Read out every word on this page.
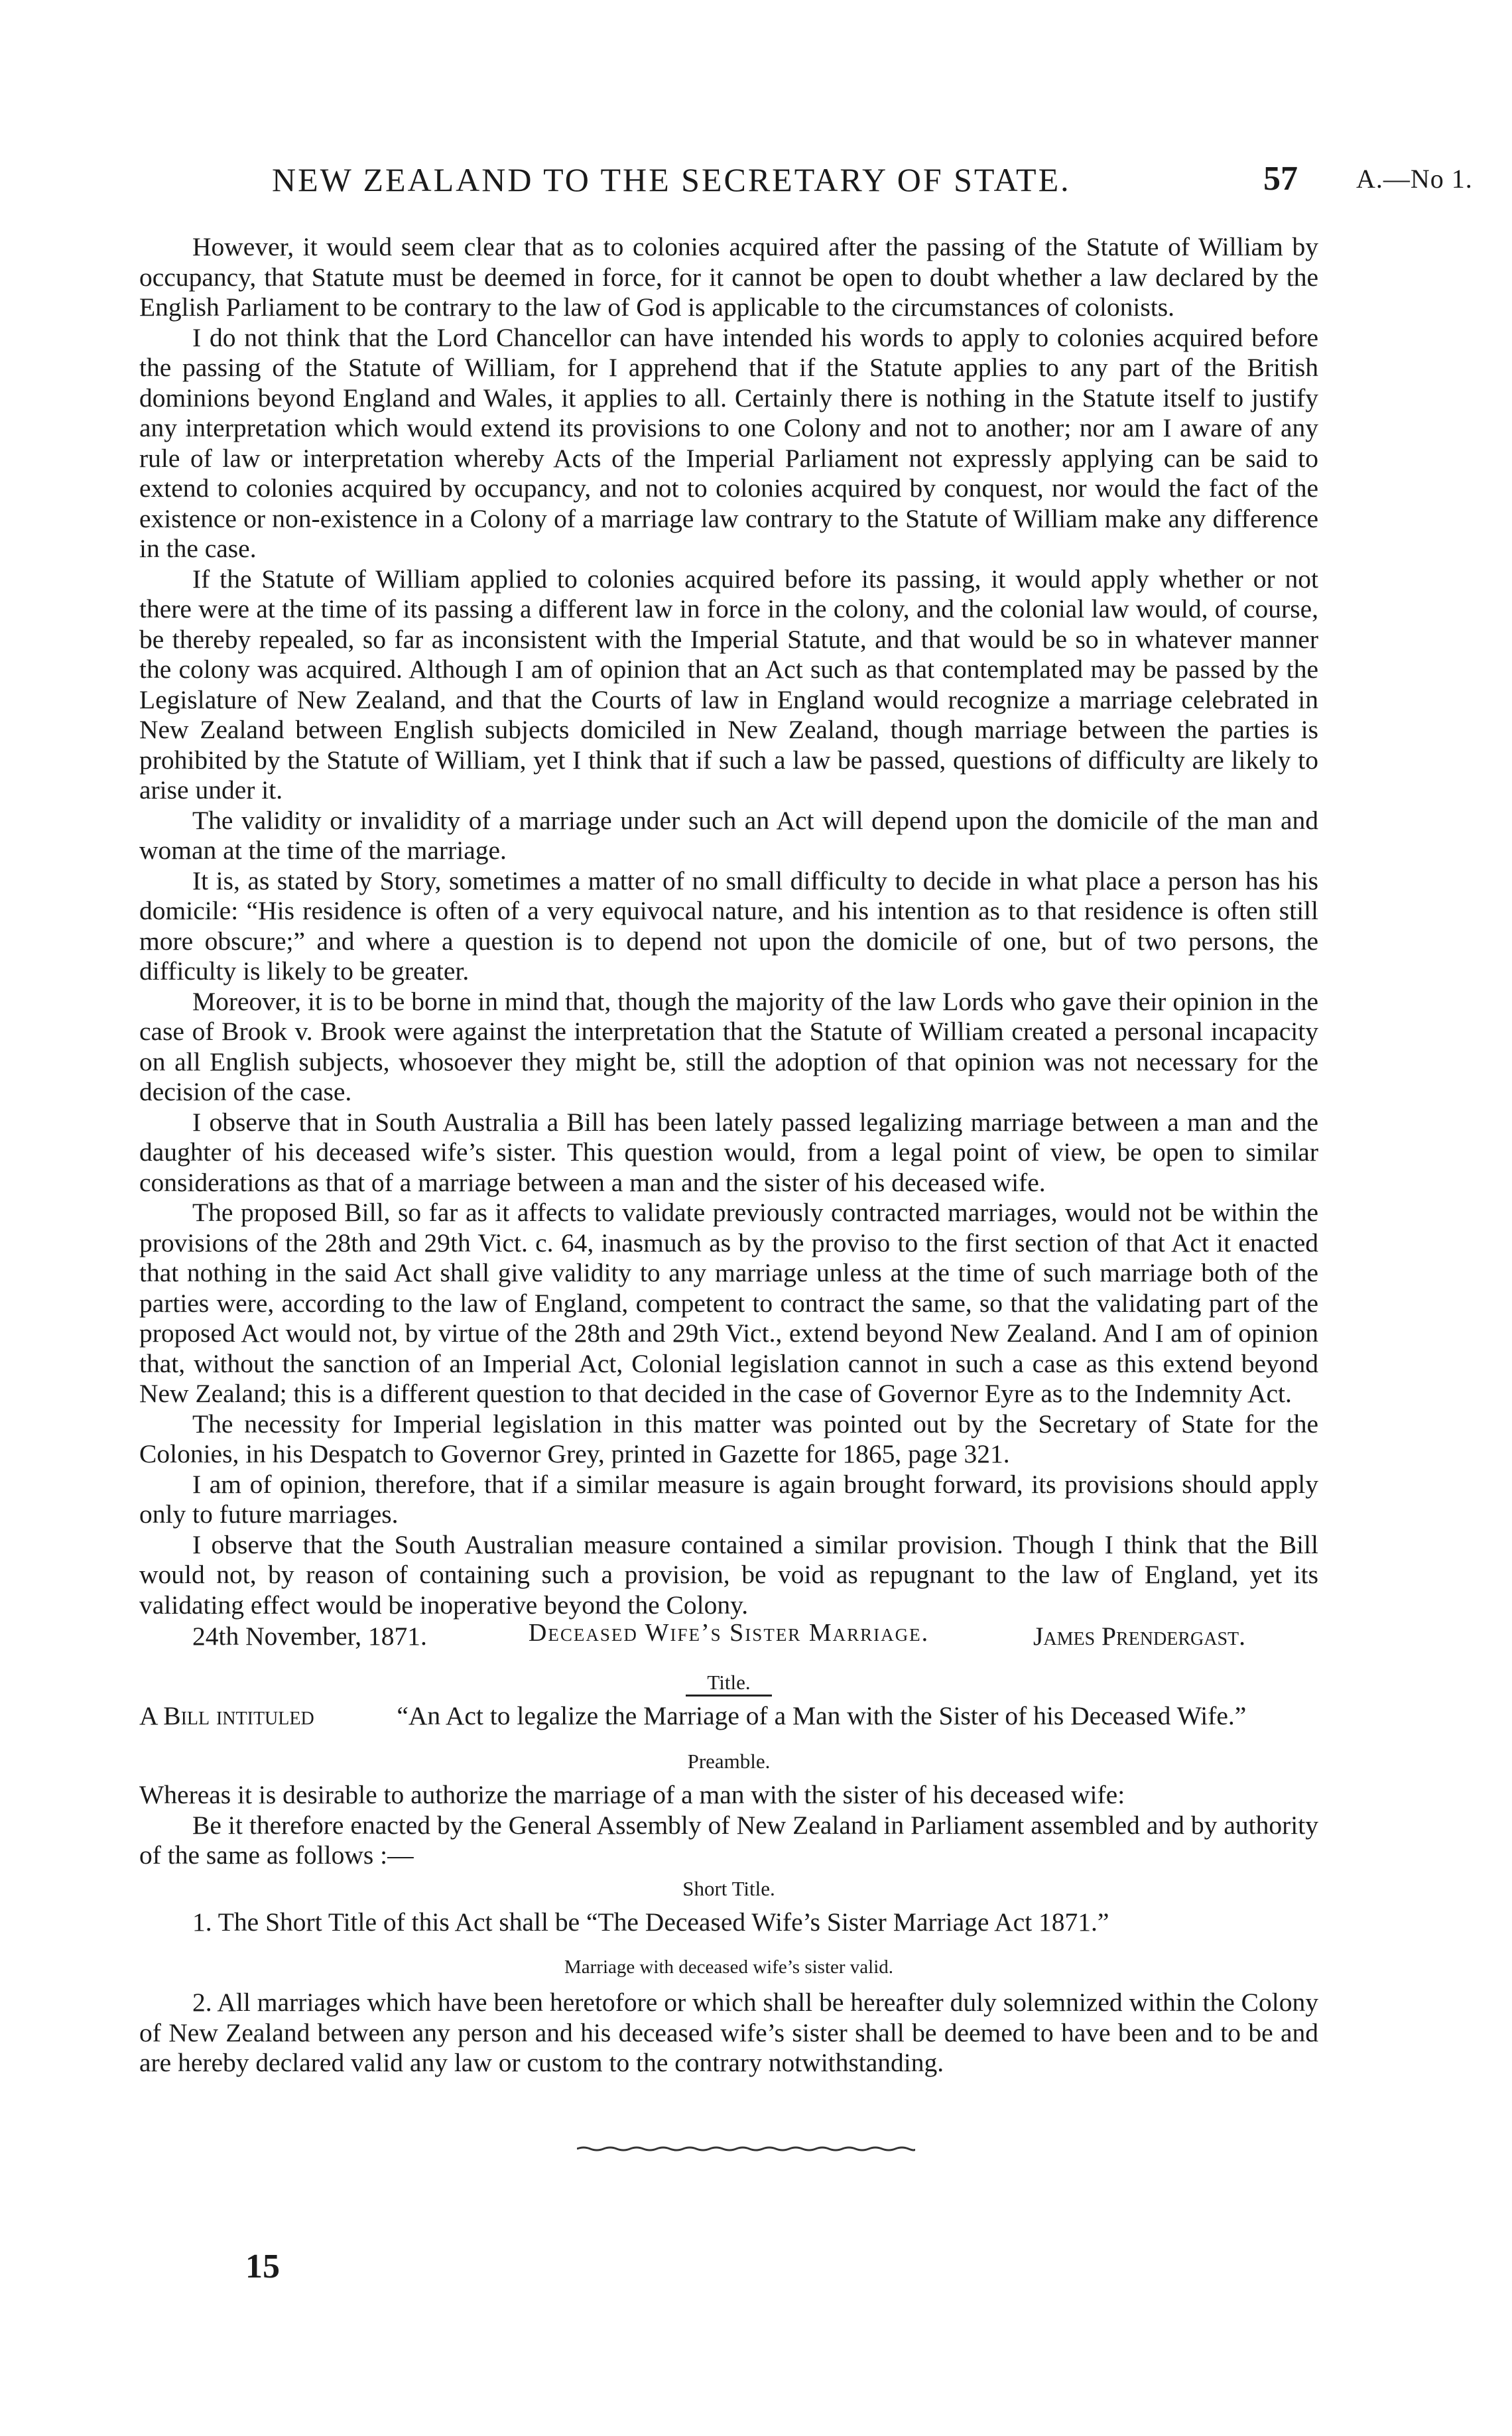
NEW ZEALAND TO THE SECRETARY OF STATE.	57 A.—No 1.

However, it would seem clear that as to colonies acquired after the passing of the Statute of William by occupancy, that Statute must be deemed in force, for it cannot be open to doubt whether a law declared by the English Parliament to be contrary to the law of God is applicable to the circumstances of colonists.

I do not think that the Lord Chancellor can have intended his words to apply to colonies acquired before the passing of the Statute of William, for I apprehend that if the Statute applies to any part of the British dominions beyond England and Wales, it applies to all. Certainly there is nothing in the Statute itself to justify any interpretation which would extend its provisions to one Colony and not to another; nor am I aware of any rule of law or interpretation whereby Acts of the Imperial Parliament not expressly applying can be said to extend to colonies acquired by occupancy, and not to colonies acquired by conquest, nor would the fact of the existence or non-existence in a Colony of a marriage law contrary to the Statute of William make any difference in the case.

If the Statute of William applied to colonies acquired before its passing, it would apply whether or not there were at the time of its passing a different law in force in the colony, and the colonial law would, of course, be thereby repealed, so far as inconsistent with the Imperial Statute, and that would be so in whatever manner the colony was acquired. Although I am of opinion that an Act such as that contemplated may be passed by the Legislature of New Zealand, and that the Courts of law in England would recognize a marriage celebrated in New Zealand between English subjects domiciled in New Zealand, though marriage between the parties is prohibited by the Statute of William, yet I think that if such a law be passed, questions of difficulty are likely to arise under it.

The validity or invalidity of a marriage under such an Act will depend upon the domicile of the man and woman at the time of the marriage.

It is, as stated by Story, sometimes a matter of no small difficulty to decide in what place a person has his domicile: “His residence is often of a very equivocal nature, and his intention as to that residence is often still more obscure;” and where a question is to depend not upon the domicile of one, but of two persons, the difficulty is likely to be greater.

Moreover, it is to be borne in mind that, though the majority of the law Lords who gave their opinion in the case of Brook v. Brook were against the interpretation that the Statute of William created a personal incapacity on all English subjects, whosoever they might be, still the adoption of that opinion was not necessary for the decision of the case.

I observe that in South Australia a Bill has been lately passed legalizing marriage between a man and the daughter of his deceased wife’s sister. This question would, from a legal point of view, be open to similar considerations as that of a marriage between a man and the sister of his deceased wife.

The proposed Bill, so far as it affects to validate previously contracted marriages, would not be within the provisions of the 28th and 29th Vict. c. 64, inasmuch as by the proviso to the first section of that Act it enacted that nothing in the said Act shall give validity to any marriage unless at the time of such marriage both of the parties were, according to the law of England, competent to contract the same, so that the validating part of the proposed Act would not, by virtue of the 28th and 29th Vict., extend beyond New Zealand. And I am of opinion that, without the sanction of an Imperial Act, Colonial legislation cannot in such a case as this extend beyond New Zealand; this is a different question to that decided in the case of Governor Eyre as to the Indemnity Act.

The necessity for Imperial legislation in this matter was pointed out by the Secretary of State for the Colonies, in his Despatch to Governor Grey, printed in Gazette for 1865, page 321.

I am of opinion, therefore, that if a similar measure is again brought forward, its provisions should apply only to future marriages.

I observe that the South Australian measure contained a similar provision. Though I think that the Bill would not, by reason of containing such a provision, be void as repugnant to the law of England, yet its validating effect would be inoperative beyond the Colony.

24th November, 1871.	James Prendergast.
Deceased Wife’s Sister Marriage.
Title.
A Bill intituled	“An Act to legalize the Marriage of a Man with the Sister of his Deceased Wife.”
Preamble.

Whereas it is desirable to authorize the marriage of a man with the sister of his deceased wife:

Be it therefore enacted by the General Assembly of New Zealand in Parliament assembled and by authority of the same as follows :—

Short Title.

1. The Short Title of this Act shall be “The Deceased Wife’s Sister Marriage Act 1871.”

Marriage with deceased wife’s sister valid.

2. All marriages which have been heretofore or which shall be hereafter duly solemnized within the Colony of New Zealand between any person and his deceased wife’s sister shall be deemed to have been and to be and are hereby declared valid any law or custom to the contrary notwithstanding.

15
